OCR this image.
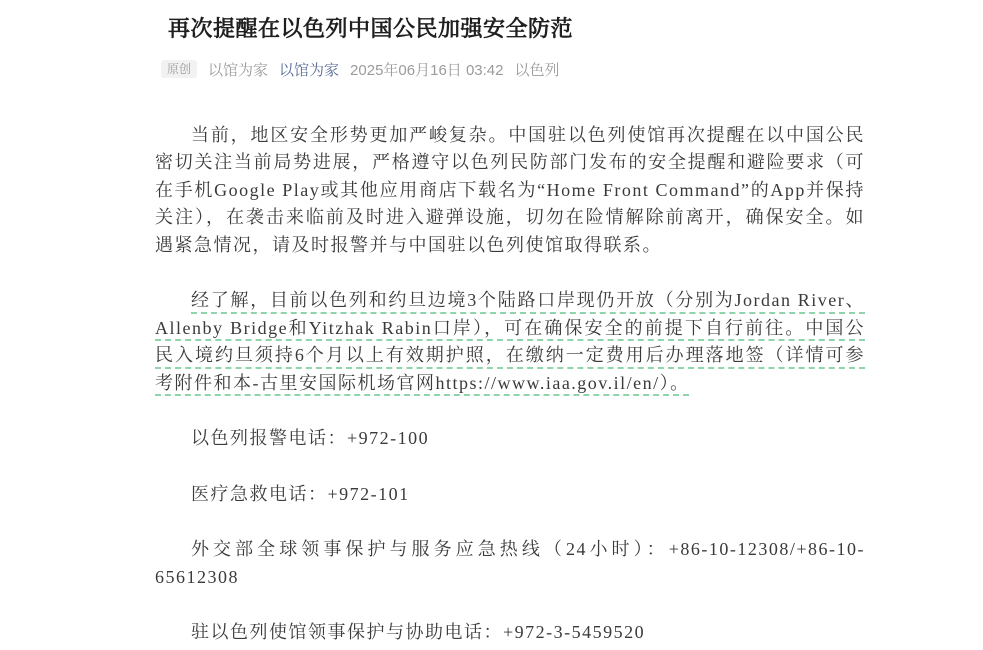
再次提醒在以色列中国公民加强安全防范
原创	以馆为家 以馆为家 2025年06月16日 03:42 以色列

当前，地区安全形势更加严峻复杂。中国驻以色列使馆再次提醒在以中国公民密切关注当前局势进展，严格遵守以色列民防部门发布的安全提醒和避险要求（可在手机Google Play或其他应用商店下载名为“Home Front Command”的App并保持关注），在袭击来临前及时进入避弹设施，切勿在险情解除前离开，确保安全。如遇紧急情况，请及时报警并与中国驻以色列使馆取得联系。

经了解，目前以色列和约旦边境3个陆路口岸现仍开放（分别为Jordan River、Allenby Bridge和Yitzhak Rabin口岸），可在确保安全的前提下自行前往。中国公民入境约旦须持6个月以上有效期护照，在缴纳一定费用后办理落地签（详情可参考附件和本-古里安国际机场官网https://www.iaa.gov.il/en/）。

以色列报警电话：+972-100

医疗急救电话：+972-101

外交部全球领事保护与服务应急热线（24小时）：+86-10-12308/+86-10-65612308

驻以色列使馆领事保护与协助电话：+972-3-5459520
